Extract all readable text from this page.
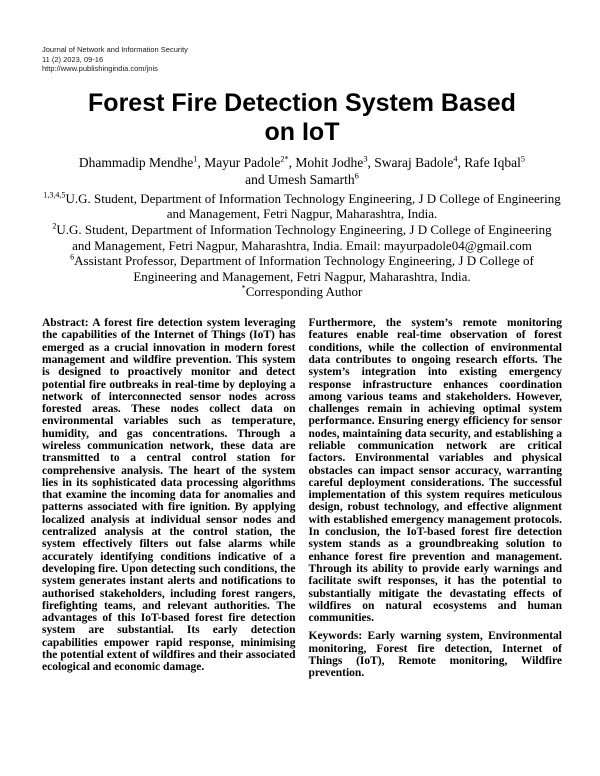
Journal of Network and Information Security
11 (2) 2023, 09-16
http://www.publishingindia.com/jnis
Forest Fire Detection System Based
on IoT
Dhammadip Mendhe$^1$, Mayur Padole$^{2*}$, Mohit Jodhe$^3$, Swaraj Badole$^4$, Rafe Iqbal$^5$
and Umesh Samarth$^6$

$^{1,3,4,5}$U.G. Student, Department of Information Technology Engineering, J D College of Engineering and Management, Fetri Nagpur, Maharashtra, India.

$^2$U.G. Student, Department of Information Technology Engineering, J D College of Engineering and Management, Fetri Nagpur, Maharashtra, India. Email: mayurpadole04@gmail.com

$^6$Assistant Professor, Department of Information Technology Engineering, J D College of Engineering and Management, Fetri Nagpur, Maharashtra, India.

*Corresponding Author

Abstract: A forest fire detection system leveraging the capabilities of the Internet of Things (IoT) has emerged as a crucial innovation in modern forest management and wildfire prevention. This system is designed to proactively monitor and detect potential fire outbreaks in real-time by deploying a network of interconnected sensor nodes across forested areas. These nodes collect data on environmental variables such as temperature, humidity, and gas concentrations. Through a wireless communication network, these data are transmitted to a central control station for comprehensive analysis. The heart of the system lies in its sophisticated data processing algorithms that examine the incoming data for anomalies and patterns associated with fire ignition. By applying localized analysis at individual sensor nodes and centralized analysis at the control station, the system effectively filters out false alarms while accurately identifying conditions indicative of a developing fire. Upon detecting such conditions, the system generates instant alerts and notifications to authorised stakeholders, including forest rangers, firefighting teams, and relevant authorities. The advantages of this IoT-based forest fire detection system are substantial. Its early detection capabilities empower rapid response, minimising the potential extent of wildfires and their associated ecological and economic damage.

Furthermore, the system’s remote monitoring features enable real-time observation of forest conditions, while the collection of environmental data contributes to ongoing research efforts. The system’s integration into existing emergency response infrastructure enhances coordination among various teams and stakeholders. However, challenges remain in achieving optimal system performance. Ensuring energy efficiency for sensor nodes, maintaining data security, and establishing a reliable communication network are critical factors. Environmental variables and physical obstacles can impact sensor accuracy, warranting careful deployment considerations. The successful implementation of this system requires meticulous design, robust technology, and effective alignment with established emergency management protocols. In conclusion, the IoT-based forest fire detection system stands as a groundbreaking solution to enhance forest fire prevention and management. Through its ability to provide early warnings and facilitate swift responses, it has the potential to substantially mitigate the devastating effects of wildfires on natural ecosystems and human communities.

Keywords: Early warning system, Environmental monitoring, Forest fire detection, Internet of Things (IoT), Remote monitoring, Wildfire prevention.
